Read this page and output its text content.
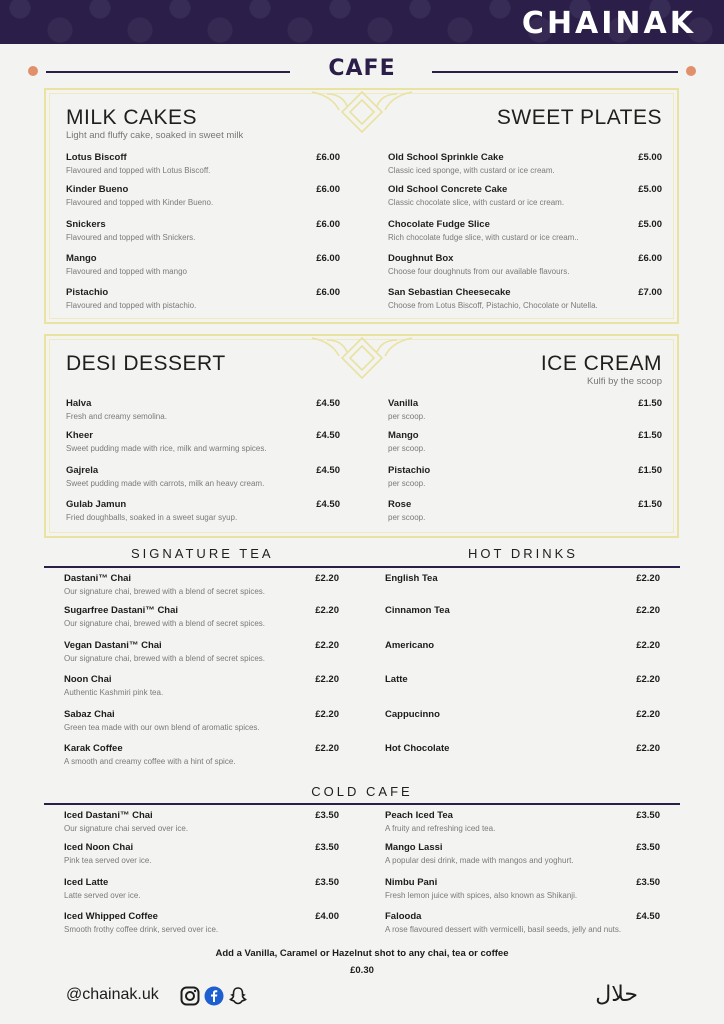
CHAINAK
CAFE
MILK CAKES
Light and fluffy cake, soaked in sweet milk
Lotus Biscoff	£6.00
Flavoured and topped with Lotus Biscoff.
Kinder Bueno	£6.00
Flavoured and topped with Kinder Bueno.
Snickers	£6.00
Flavoured and topped with Snickers.
Mango	£6.00
Flavoured and topped with mango
Pistachio	£6.00
Flavoured and topped with pistachio.
SWEET PLATES
Old School Sprinkle Cake	£5.00
Classic iced sponge, with custard or ice cream.
Old School Concrete Cake	£5.00
Classic chocolate slice, with custard or ice cream.
Chocolate Fudge Slice	£5.00
Rich chocolate fudge slice, with custard or ice cream..
Doughnut Box	£6.00
Choose four doughnuts from our available flavours.
San Sebastian Cheesecake	£7.00
Choose from Lotus Biscoff, Pistachio, Chocolate or Nutella.
DESI DESSERT
Halva	£4.50
Fresh and creamy semolina.
Kheer	£4.50
Sweet pudding made with rice, milk and warming spices.
Gajrela	£4.50
Sweet pudding made with carrots, milk an heavy cream.
Gulab Jamun	£4.50
Fried doughballs, soaked in a sweet sugar syup.
ICE CREAM
Kulfi by the scoop
Vanilla	£1.50
per scoop.
Mango	£1.50
per scoop.
Pistachio	£1.50
per scoop.
Rose	£1.50
per scoop.
SIGNATURE TEA	HOT DRINKS
Dastani™ Chai	£2.20
Our signature chai, brewed with a blend of secret spices.
Sugarfree Dastani™ Chai	£2.20
Our signature chai, brewed with a blend of secret spices.
Vegan Dastani™ Chai	£2.20
Our signature chai, brewed with a blend of secret spices.
Noon Chai	£2.20
Authentic Kashmiri pink tea.
Sabaz Chai	£2.20
Green tea made with our own blend of aromatic spices.
Karak Coffee	£2.20
A smooth and creamy coffee with a hint of spice.
English Tea	£2.20
Cinnamon Tea	£2.20
Americano	£2.20
Latte	£2.20
Cappucinno	£2.20
Hot Chocolate	£2.20
COLD CAFE
Iced Dastani™ Chai	£3.50
Our signature chai served over ice.
Iced Noon Chai	£3.50
Pink tea served over ice.
Iced Latte	£3.50
Latte served over ice.
Iced Whipped Coffee	£4.00
Smooth frothy coffee drink, served over ice.
Peach Iced Tea	£3.50
A fruity and refreshing iced tea.
Mango Lassi	£3.50
A popular desi drink, made with mangos and yoghurt.
Nimbu Pani	£3.50
Fresh lemon juice with spices, also known as Shikanji.
Falooda	£4.50
A rose flavoured dessert with vermicelli, basil seeds, jelly and nuts.
Add a Vanilla, Caramel or Hazelnut shot to any chai, tea or coffee
£0.30
@chainak.uk	حلال
